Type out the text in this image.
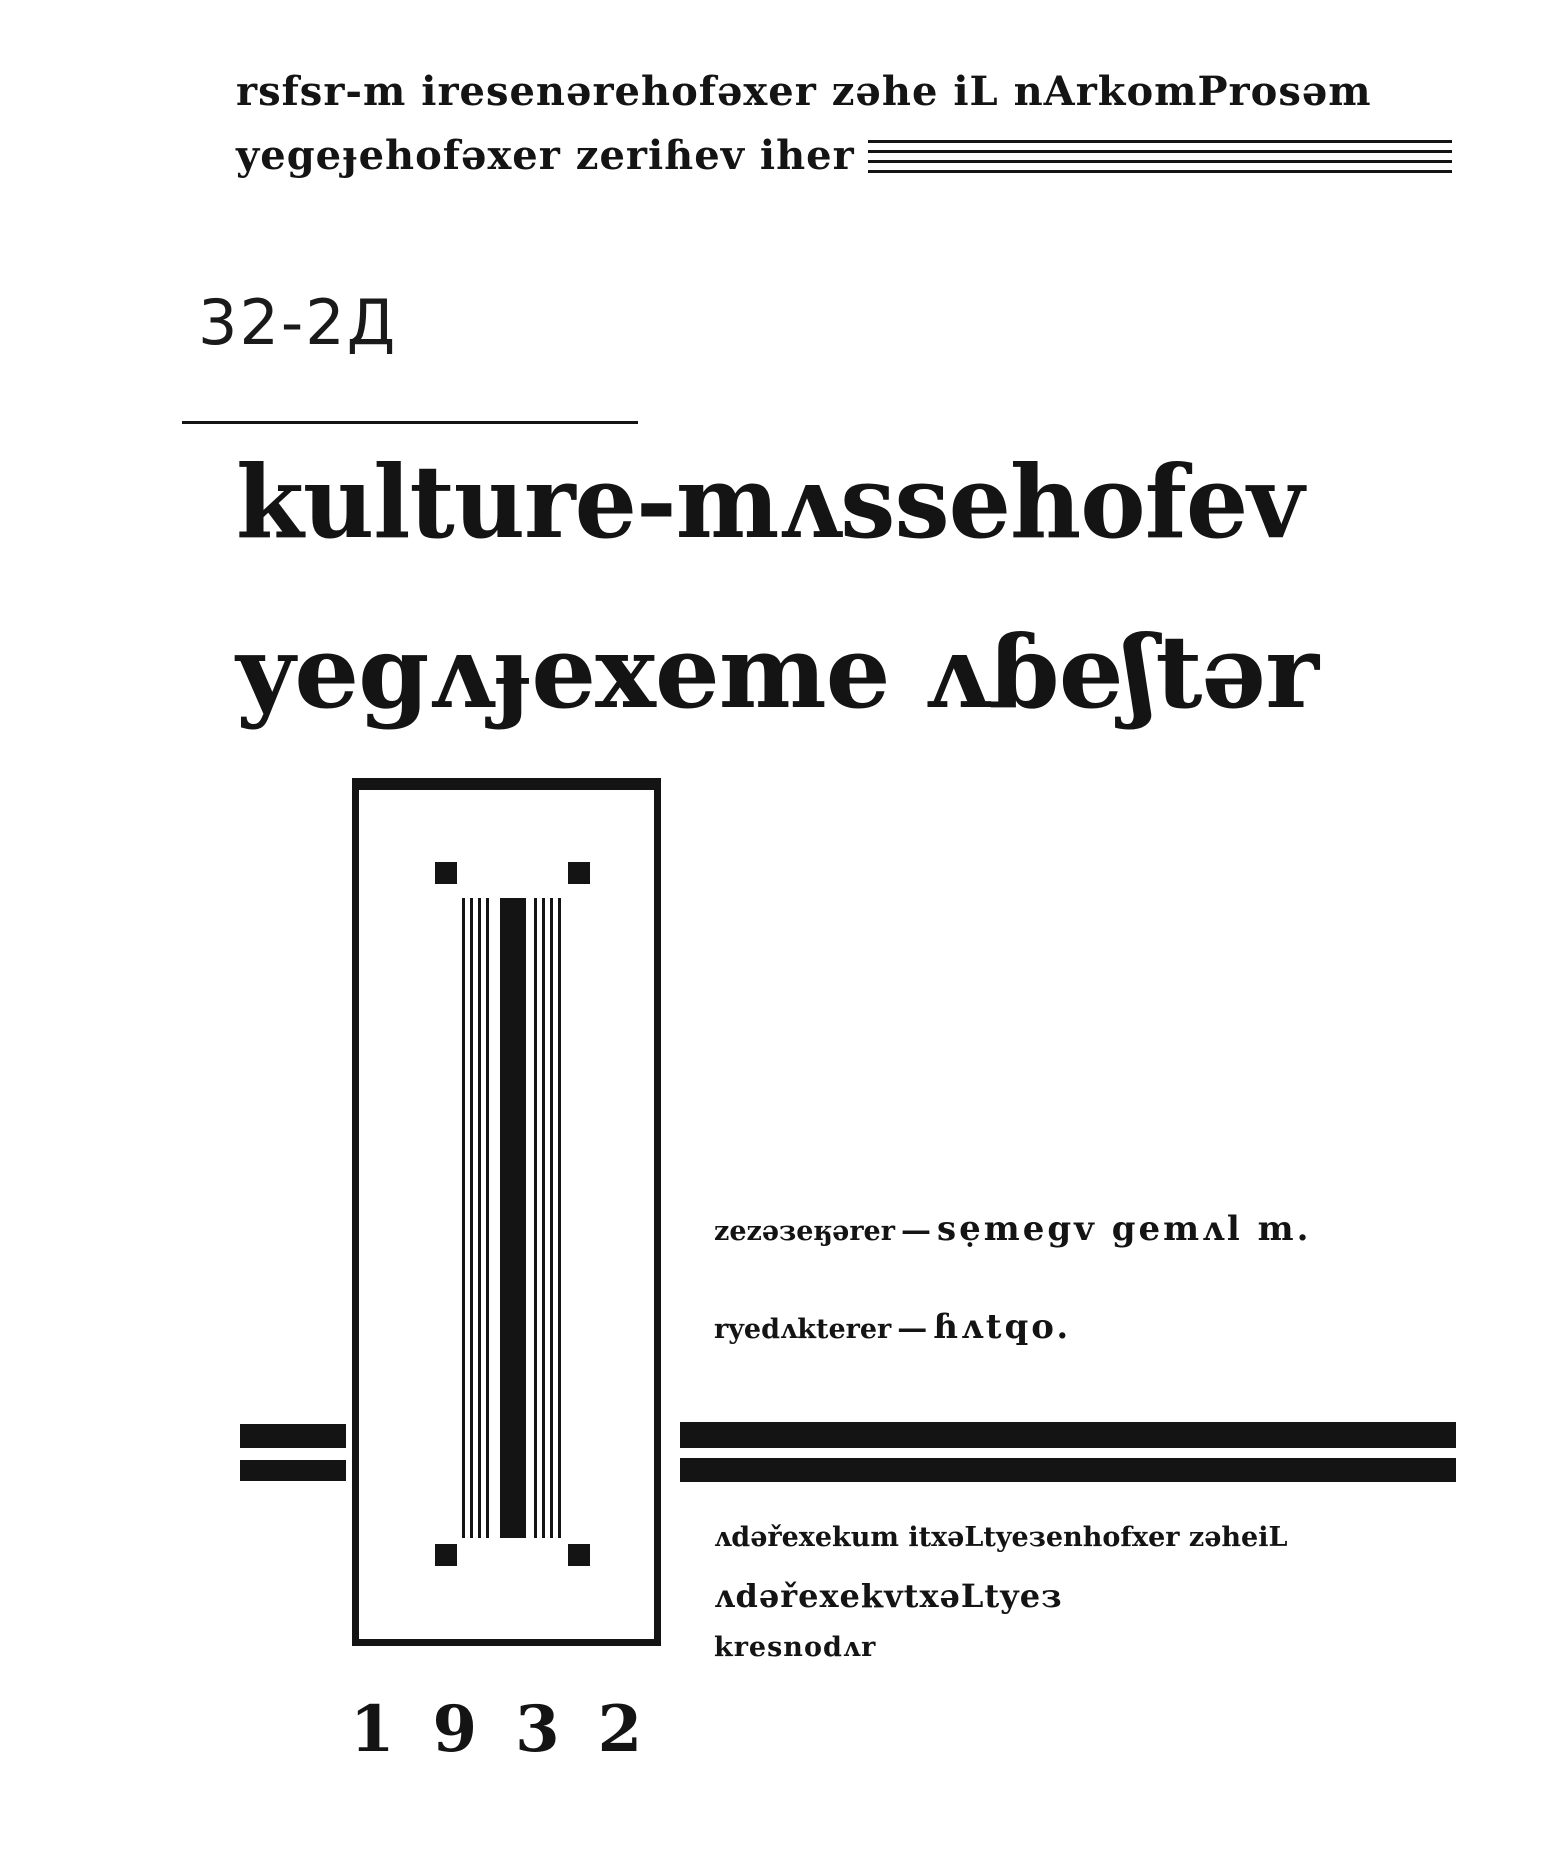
rsfsr-m iresenərehofəxer zəhe iL nArkomProsəm
yegeɟehofəxer zeriɦev iher
32-2Д
kulture-mʌssehofev
yegʌɟexeme ʌɓeʃtər
zezəзeӄərer — sẹmegv gemʌl m.
ryedʌkterer — ɦʌtqo.
ʌdəřexekum itxəLtyeзenhofxer zəheiL
ʌdəřexekvtxəLtyeз
kresnodʌr
1932
